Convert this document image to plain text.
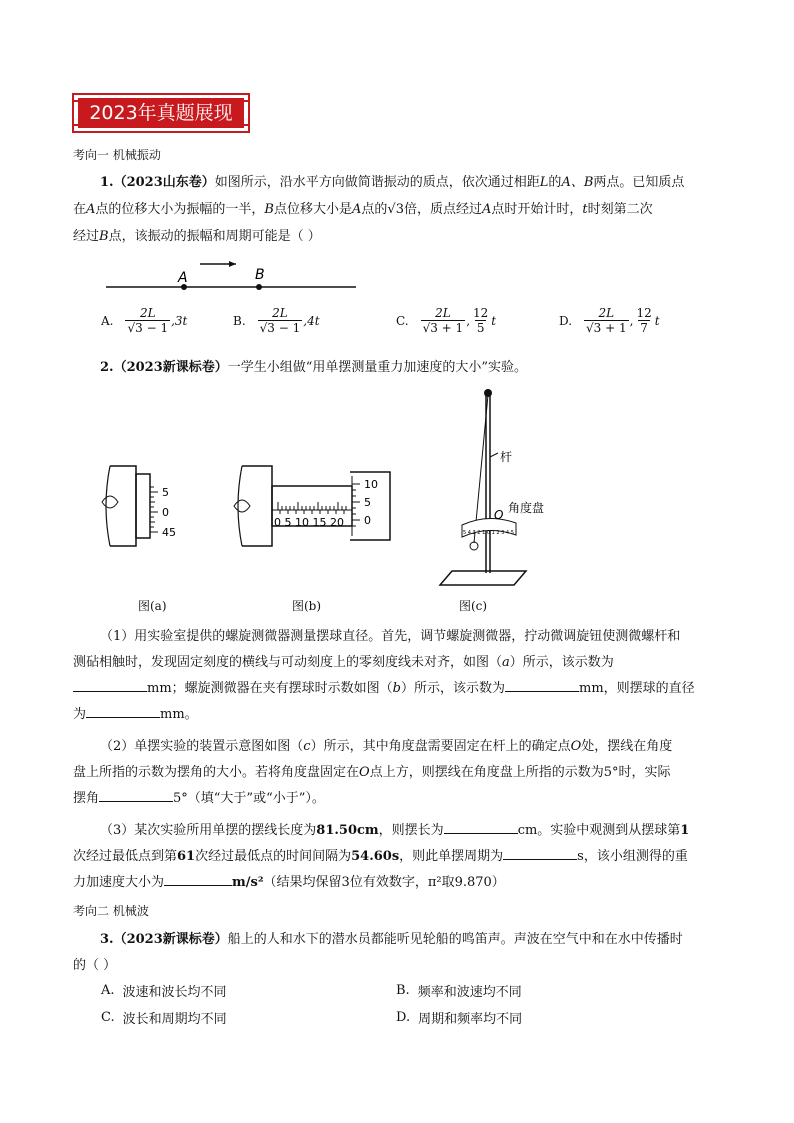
2023年真题展现
考向一 机械振动
1.（2023山东卷）如图所示，沿水平方向做简谐振动的质点，依次通过相距L的A、B两点。已知质点
在A点的位移大小为振幅的一半，B点位移大小是A点的√3倍，质点经过A点时开始计时，t时刻第二次
经过B点，该振动的振幅和周期可能是（ ）
A	B
A. $\frac{2L}{√3 - 1} ,3t$	B. $\frac{2L}{√3 - 1} ,4t$	C. $\frac{2L}{√3 + 1}$ , $\frac{12}{5}$ t	D. $\frac{2L}{√3 + 1}$ , $\frac{12}{7}$ t
2.（2023新课标卷）一学生小组做“用单摆测量重力加速度的大小”实验。
5
0
45
图(a)
0 5 10 15 20
10
5
0
图(b)
5 4 3 2 1 0 1 2 3 4 5
杆
O 角度盘
图(c)
（1）用实验室提供的螺旋测微器测量摆球直径。首先，调节螺旋测微器，拧动微调旋钮使测微螺杆和
测砧相触时，发现固定刻度的横线与可动刻度上的零刻度线未对齐，如图（a）所示，该示数为
mm；螺旋测微器在夹有摆球时示数如图（b）所示，该示数为	mm，则摆球的直径
为	mm。
（2）单摆实验的装置示意图如图（c）所示，其中角度盘需要固定在杆上的确定点O处，摆线在角度
盘上所指的示数为摆角的大小。若将角度盘固定在O点上方，则摆线在角度盘上所指的示数为5°时，实际
摆角	5°（填“大于”或“小于”）。
（3）某次实验所用单摆的摆线长度为81.50cm，则摆长为	cm。实验中观测到从摆球第1
次经过最低点到第61次经过最低点的时间间隔为54.60s，则此单摆周期为	s，该小组测得的重
力加速度大小为	m/s²（结果均保留3位有效数字，π²取9.870）
考向二 机械波
3.（2023新课标卷）船上的人和水下的潜水员都能听见轮船的鸣笛声。声波在空气中和在水中传播时
的（ ）
A. 波速和波长均不同	B. 频率和波速均不同
C. 波长和周期均不同	D. 周期和频率均不同
